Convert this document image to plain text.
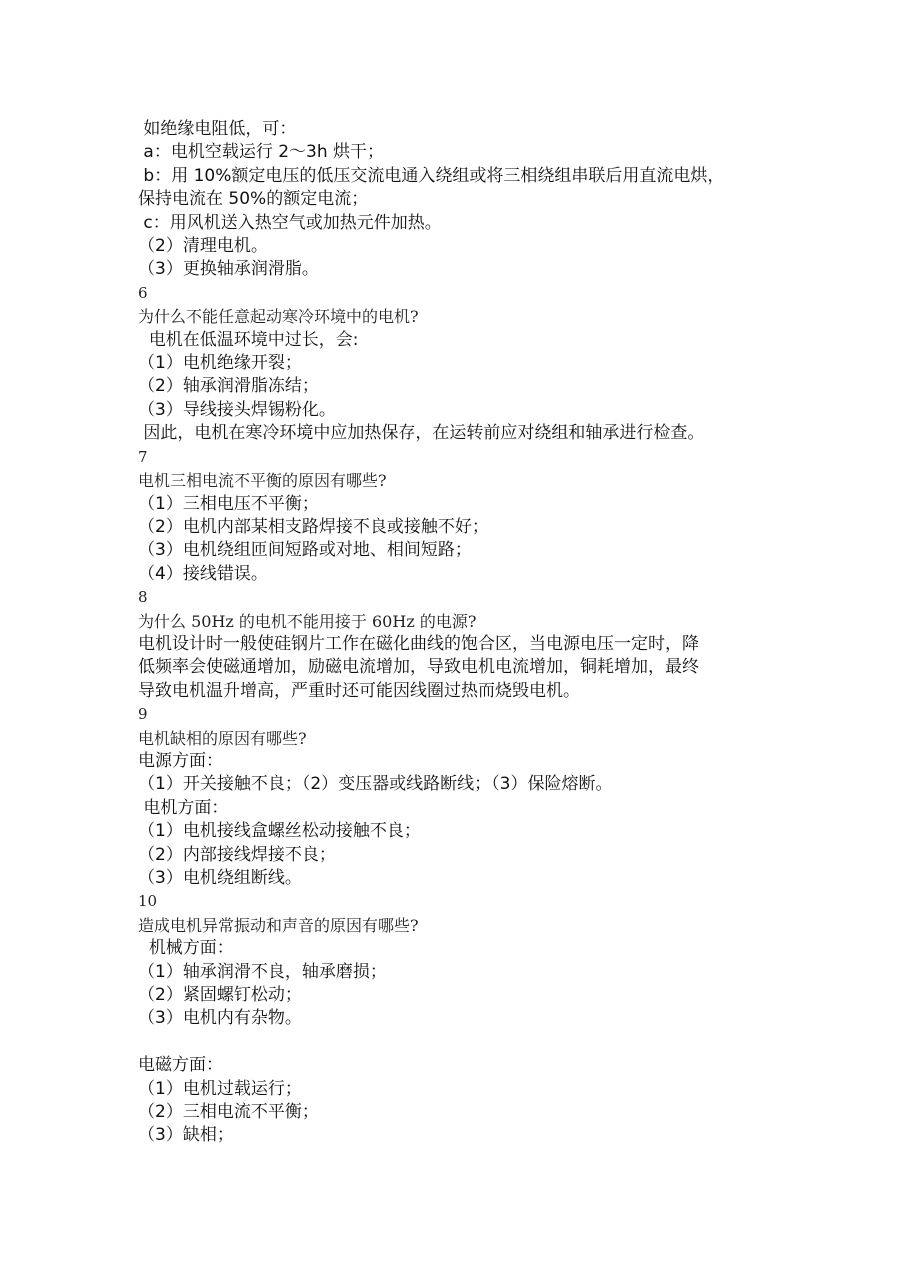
如绝缘电阻低，可：

a：电机空载运行 2～3h 烘干；

b：用 10%额定电压的低压交流电通入绕组或将三相绕组串联后用直流电烘，

保持电流在 50%的额定电流；

c：用风机送入热空气或加热元件加热。

（2）清理电机。

（3）更换轴承润滑脂。

6

为什么不能任意起动寒冷环境中的电机?

电机在低温环境中过长，会:

（1）电机绝缘开裂；

（2）轴承润滑脂冻结；

（3）导线接头焊锡粉化。

因此，电机在寒冷环境中应加热保存，在运转前应对绕组和轴承进行检查。

7

电机三相电流不平衡的原因有哪些?

（1）三相电压不平衡；

（2）电机内部某相支路焊接不良或接触不好；

（3）电机绕组匝间短路或对地、相间短路；

（4）接线错误。

8

为什么 50Hz 的电机不能用接于 60Hz 的电源?

电机设计时一般使硅钢片工作在磁化曲线的饱合区，当电源电压一定时，降

低频率会使磁通增加，励磁电流增加，导致电机电流增加，铜耗增加，最终

导致电机温升增高，严重时还可能因线圈过热而烧毁电机。

9

电机缺相的原因有哪些?

电源方面：

（1）开关接触不良；（2）变压器或线路断线；（3）保险熔断。

电机方面：

（1）电机接线盒螺丝松动接触不良；

（2）内部接线焊接不良；

（3）电机绕组断线。

10

造成电机异常振动和声音的原因有哪些?

机械方面：

（1）轴承润滑不良，轴承磨损；

（2）紧固螺钉松动；

（3）电机内有杂物。

电磁方面：

（1）电机过载运行；

（2）三相电流不平衡；

（3）缺相；
